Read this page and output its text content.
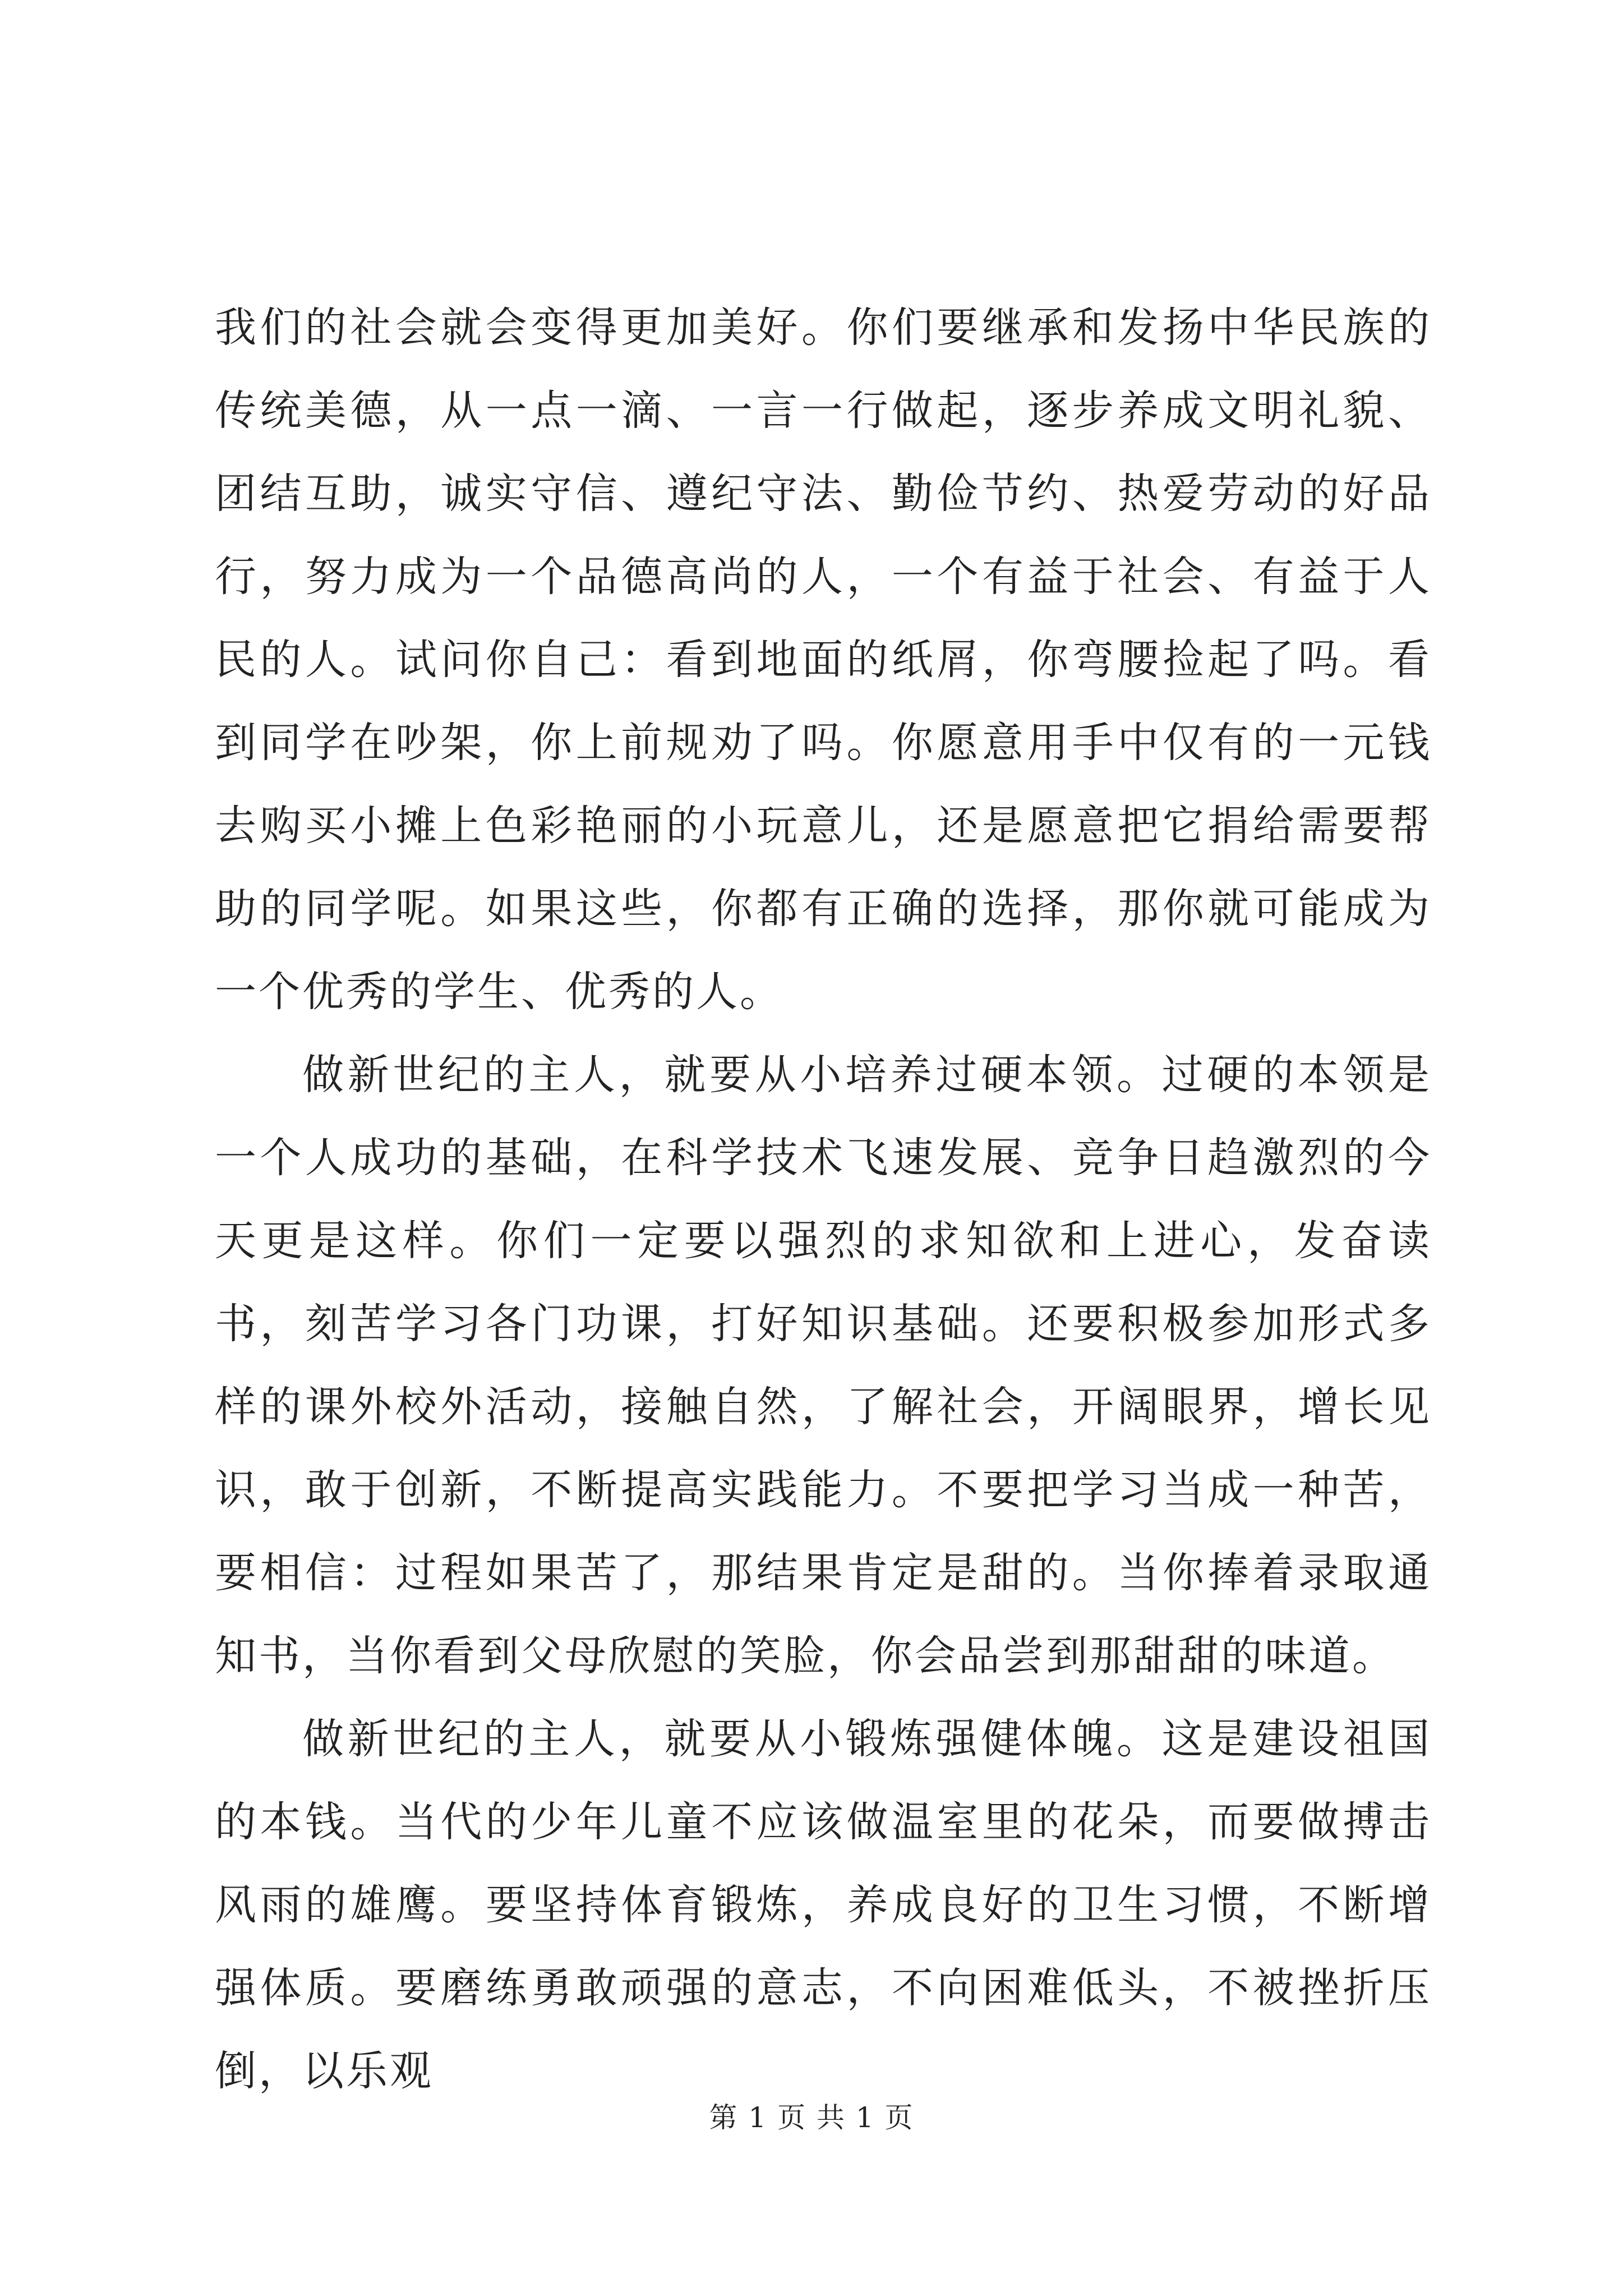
我们的社会就会变得更加美好。你们要继承和发扬中华民族的传统美德，从一点一滴、一言一行做起，逐步养成文明礼貌、团结互助，诚实守信、遵纪守法、勤俭节约、热爱劳动的好品行，努力成为一个品德高尚的人，一个有益于社会、有益于人民的人。试问你自己：看到地面的纸屑，你弯腰捡起了吗。看到同学在吵架，你上前规劝了吗。你愿意用手中仅有的一元钱去购买小摊上色彩艳丽的小玩意儿，还是愿意把它捐给需要帮助的同学呢。如果这些，你都有正确的选择，那你就可能成为一个优秀的学生、优秀的人。

做新世纪的主人，就要从小培养过硬本领。过硬的本领是一个人成功的基础，在科学技术飞速发展、竞争日趋激烈的今天更是这样。你们一定要以强烈的求知欲和上进心，发奋读书，刻苦学习各门功课，打好知识基础。还要积极参加形式多样的课外校外活动，接触自然，了解社会，开阔眼界，增长见识，敢于创新，不断提高实践能力。不要把学习当成一种苦，要相信：过程如果苦了，那结果肯定是甜的。当你捧着录取通知书，当你看到父母欣慰的笑脸，你会品尝到那甜甜的味道。

做新世纪的主人，就要从小锻炼强健体魄。这是建设祖国的本钱。当代的少年儿童不应该做温室里的花朵，而要做搏击风雨的雄鹰。要坚持体育锻炼，养成良好的卫生习惯，不断增强体质。要磨练勇敢顽强的意志，不向困难低头，不被挫折压倒，以乐观

第 1 页 共 1 页
